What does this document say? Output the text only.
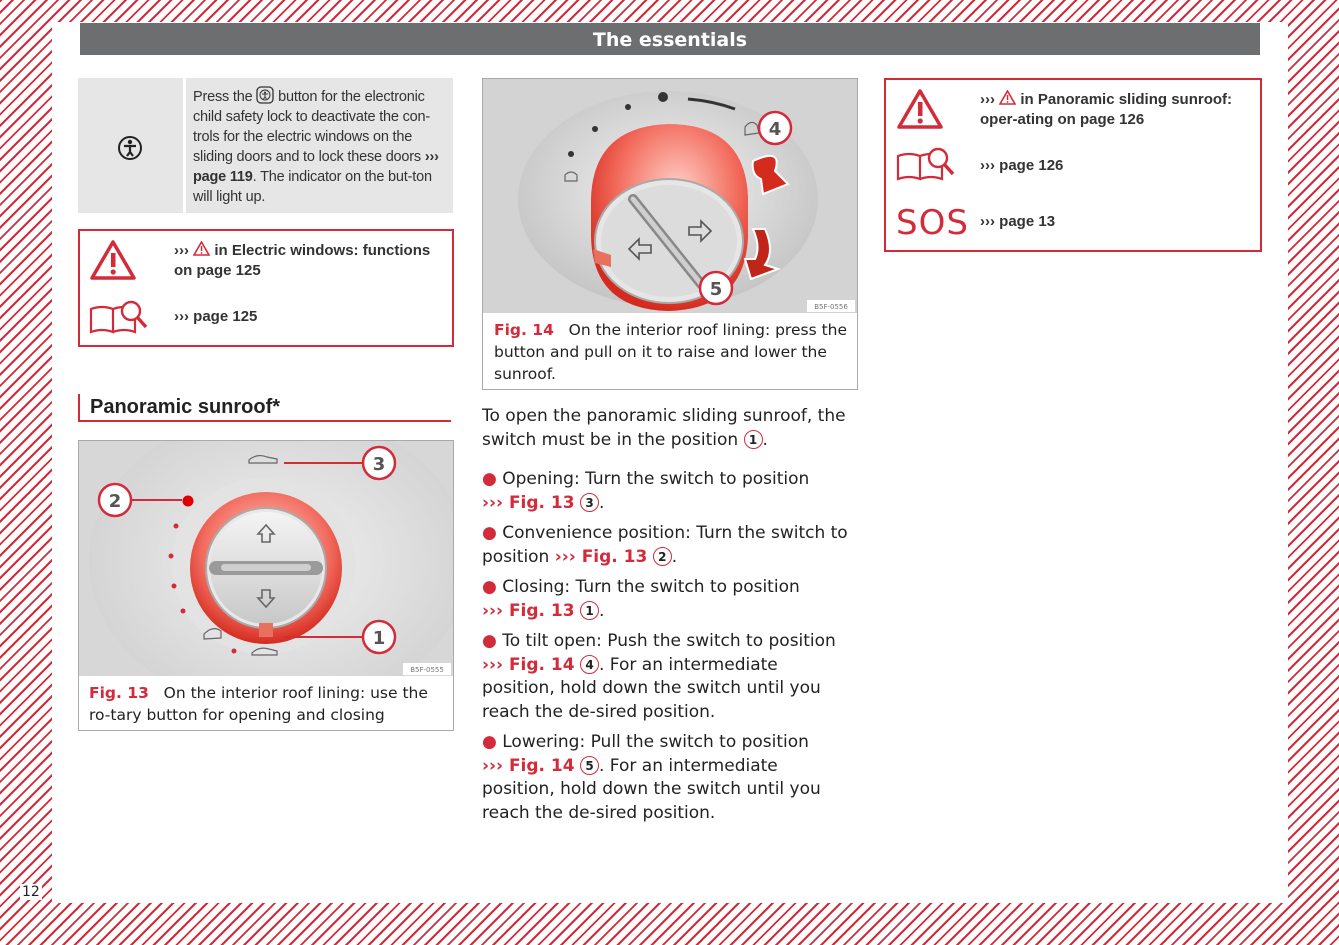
The essentials
12
Press the button for the electronic child safety lock to deactivate the con-trols for the electric windows on the sliding doors and to lock these doors ››› page 119. The indicator on the but-ton will light up.
››› in Electric windows: functions on page 125
››› page 125
Panoramic sunroof*
2
3
1
B5F-0555
Fig. 13 On the interior roof lining: use the ro-tary button for opening and closing
4
5
B5F-0556
Fig. 14 On the interior roof lining: press the button and pull on it to raise and lower the sunroof.

To open the panoramic sliding sunroof, the switch must be in the position 1 .

● Opening: Turn the switch to position
››› Fig. 13 3 .

● Convenience position: Turn the switch to position ››› Fig. 13 2 .

● Closing: Turn the switch to position
››› Fig. 13 1 .

● To tilt open: Push the switch to position
››› Fig. 14 4 . For an intermediate position, hold down the switch until you reach the de-sired position.

● Lowering: Pull the switch to position
››› Fig. 14 5 . For an intermediate position, hold down the switch until you reach the de-sired position.

››› in Panoramic sliding sunroof: oper-ating on page 126
››› page 126
SOS ››› page 13
